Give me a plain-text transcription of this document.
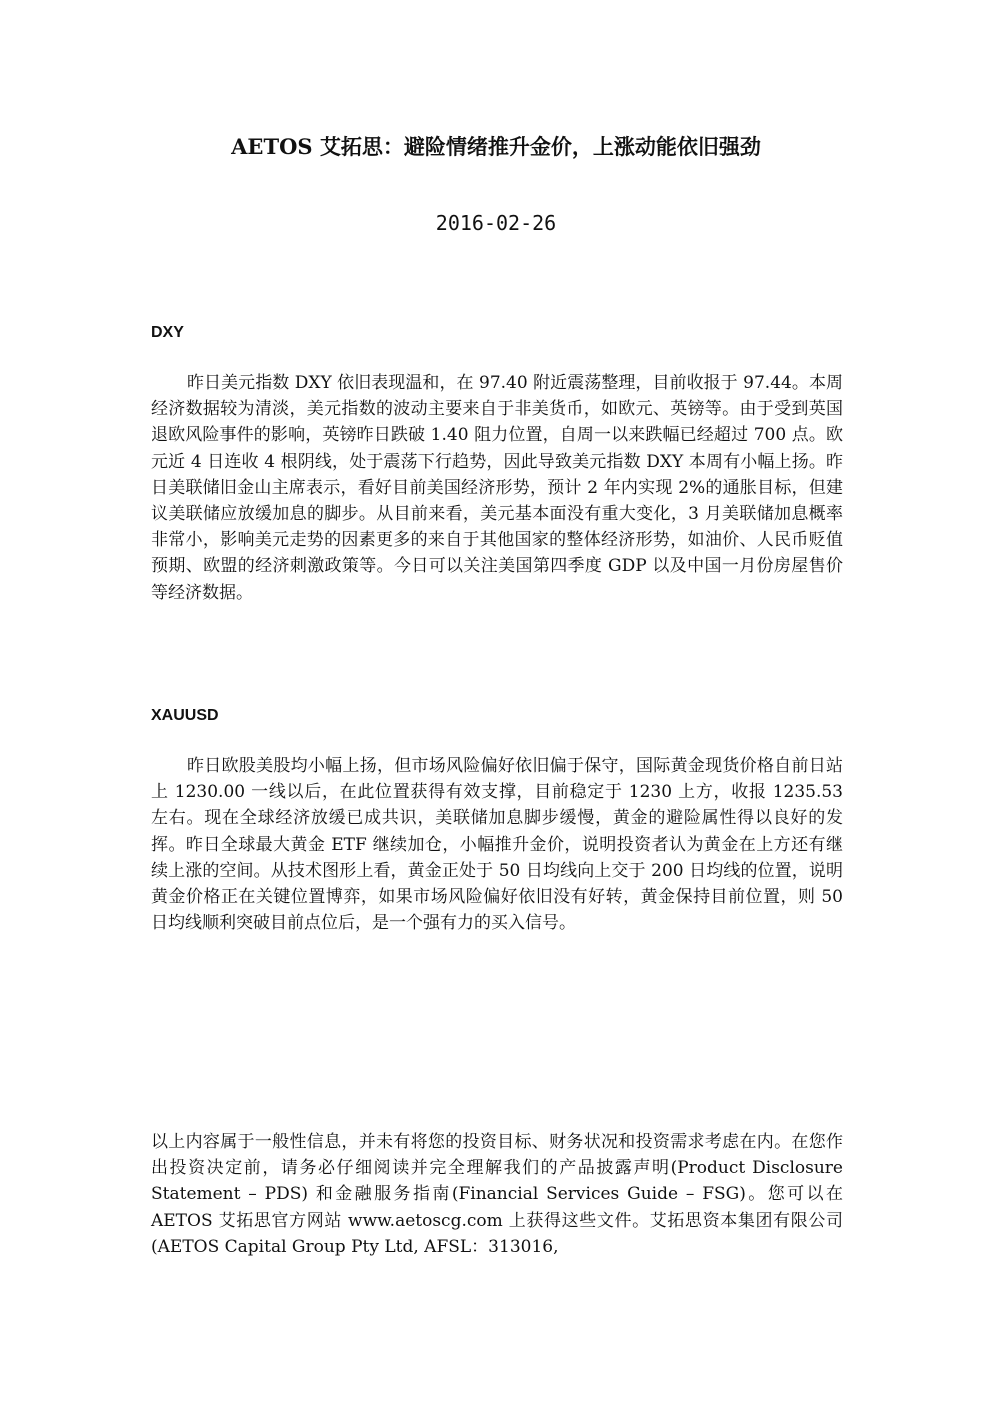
AETOS 艾拓思：避险情绪推升金价，上涨动能依旧强劲
2016-02-26
DXY

昨日美元指数 DXY 依旧表现温和，在 97.40 附近震荡整理，目前收报于 97.44。本周经济数据较为清淡，美元指数的波动主要来自于非美货币，如欧元、英镑等。由于受到英国退欧风险事件的影响，英镑昨日跌破 1.40 阻力位置，自周一以来跌幅已经超过 700 点。欧元近 4 日连收 4 根阴线，处于震荡下行趋势，因此导致美元指数 DXY 本周有小幅上扬。昨日美联储旧金山主席表示，看好目前美国经济形势，预计 2 年内实现 2%的通胀目标，但建议美联储应放缓加息的脚步。从目前来看，美元基本面没有重大变化，3 月美联储加息概率非常小，影响美元走势的因素更多的来自于其他国家的整体经济形势，如油价、人民币贬值预期、欧盟的经济刺激政策等。今日可以关注美国第四季度 GDP 以及中国一月份房屋售价等经济数据。

XAUUSD

昨日欧股美股均小幅上扬，但市场风险偏好依旧偏于保守，国际黄金现货价格自前日站上 1230.00 一线以后，在此位置获得有效支撑，目前稳定于 1230 上方，收报 1235.53 左右。现在全球经济放缓已成共识，美联储加息脚步缓慢，黄金的避险属性得以良好的发挥。昨日全球最大黄金 ETF 继续加仓，小幅推升金价，说明投资者认为黄金在上方还有继续上涨的空间。从技术图形上看，黄金正处于 50 日均线向上交于 200 日均线的位置，说明黄金价格正在关键位置博弈，如果市场风险偏好依旧没有好转，黄金保持目前位置，则 50 日均线顺利突破目前点位后，是一个强有力的买入信号。

以上内容属于一般性信息，并未有将您的投资目标、财务状况和投资需求考虑在内。在您作出投资决定前，请务必仔细阅读并完全理解我们的产品披露声明(Product Disclosure Statement – PDS) 和金融服务指南(Financial Services Guide – FSG)。您可以在 AETOS 艾拓思官方网站 www.aetoscg.com 上获得这些文件。艾拓思资本集团有限公司(AETOS Capital Group Pty Ltd, AFSL：313016,
